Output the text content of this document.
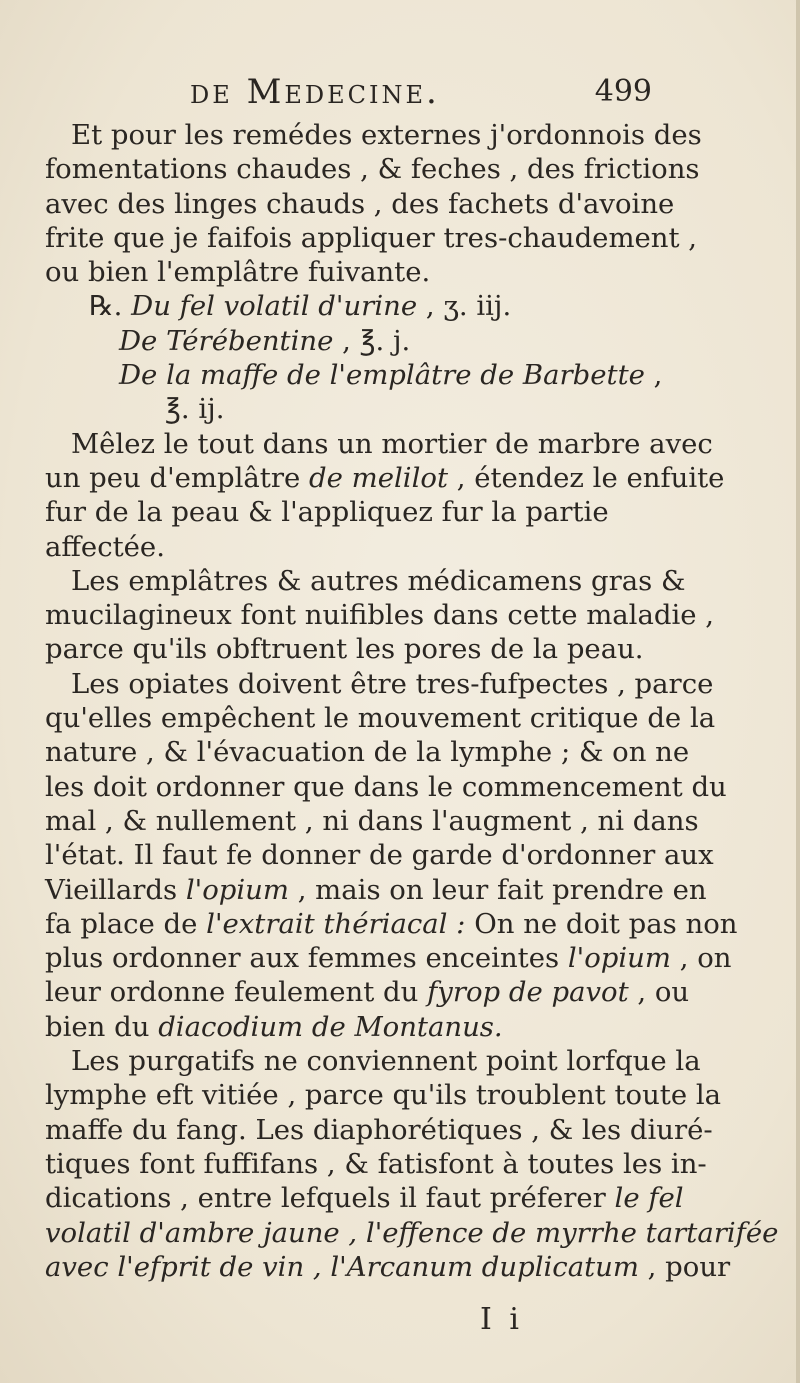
de Medecine.	499
Et pour les remédes externes j'ordonnois des
fomentations chaudes , & feches , des frictions
avec des linges chauds , des fachets d'avoine
frite que je faifois appliquer tres-chaudement ,
ou bien l'emplâtre fuivante.
℞. Du fel volatil d'urine , ʒ. iij.
De Térébentine , ℥. j.
De la maffe de l'emplâtre de Barbette ,
℥. ij.
Mêlez le tout dans un mortier de marbre avec
un peu d'emplâtre de melilot , étendez le enfuite
fur de la peau & l'appliquez fur la partie
affectée.
Les emplâtres & autres médicamens gras &
mucilagineux font nuifibles dans cette maladie ,
parce qu'ils obftruent les pores de la peau.
Les opiates doivent être tres-fufpectes , parce
qu'elles empêchent le mouvement critique de la
nature , & l'évacuation de la lymphe ; & on ne
les doit ordonner que dans le commencement du
mal , & nullement , ni dans l'augment , ni dans
l'état. Il faut fe donner de garde d'ordonner aux
Vieillards l'opium , mais on leur fait prendre en
fa place de l'extrait thériacal : On ne doit pas non
plus ordonner aux femmes enceintes l'opium , on
leur ordonne feulement du fyrop de pavot , ou
bien du diacodium de Montanus.
Les purgatifs ne conviennent point lorfque la
lymphe eft vitiée , parce qu'ils troublent toute la
maffe du fang. Les diaphorétiques , & les diuré-
tiques font fuffifans , & fatisfont à toutes les in-
dications , entre lefquels il faut préferer le fel
volatil d'ambre jaune , l'effence de myrrhe tartarifée
avec l'efprit de vin , l'Arcanum duplicatum , pour
I i
